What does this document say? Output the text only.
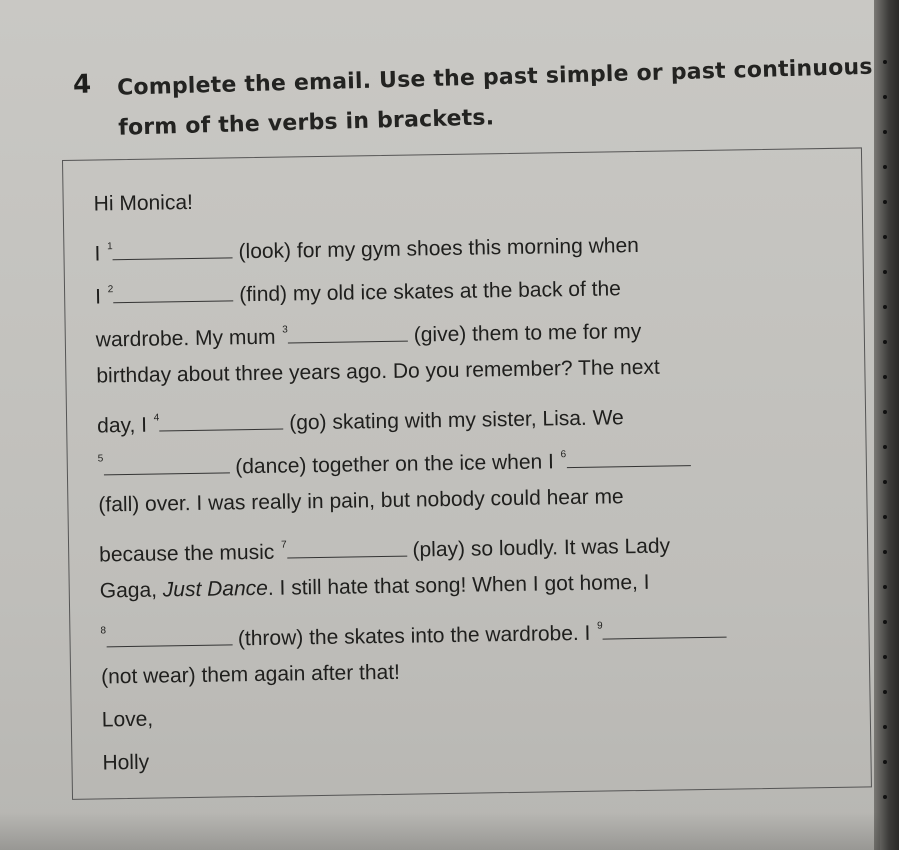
4 Complete the email. Use the past simple or past continuous form of the verbs in brackets.
Hi Monica!
I $^1$	(look) for my gym shoes this morning when
I $^2$	(find) my old ice skates at the back of the
wardrobe. My mum $^3$	(give) them to me for my
birthday about three years ago. Do you remember? The next
day, I $^4$	(go) skating with my sister, Lisa. We
$^5$	(dance) together on the ice when I $^6$
(fall) over. I was really in pain, but nobody could hear me
because the music $^7$	(play) so loudly. It was Lady
Gaga, Just Dance. I still hate that song! When I got home, I
$^8$	(throw) the skates into the wardrobe. I $^9$
(not wear) them again after that!
Love,
Holly
